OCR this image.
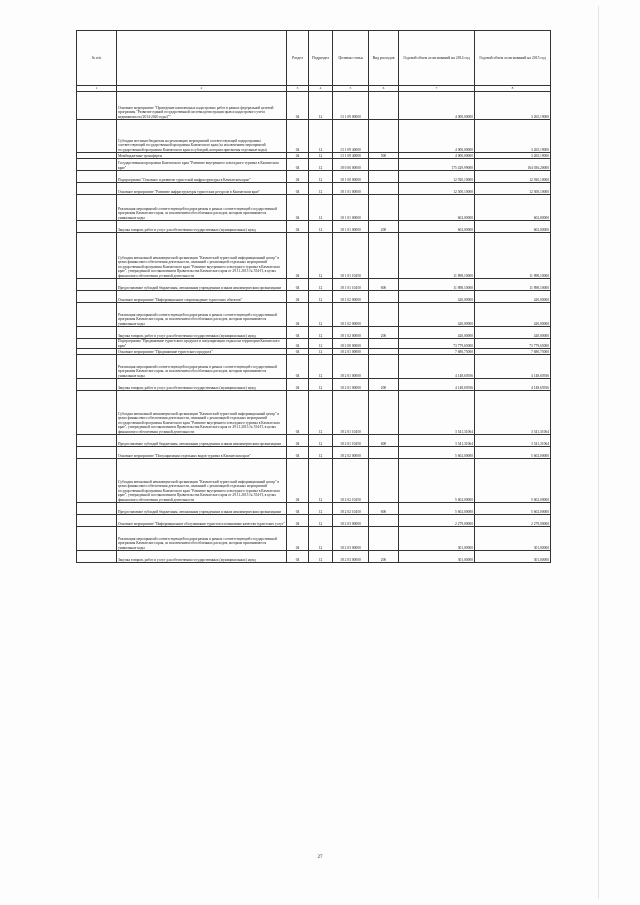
№ п/п		Раздел	Подраздел	Целевая статья	Вид расходов	Годовой объем ассигнований на 2014 год	Годовой объем ассигнований на 2015 год
1	2	3	4	5	6	7	8
	Основное мероприятие "Проведение комплексных кадастровых работ в рамках федеральной целевой программы "Развитие единой государственной системы регистрации прав и кадастрового учета недвижимости (2014-2020 годы)""	04	12	13 1 09 00000		4 000,00000	3 265,19000
	Субсидии местным бюджетам на реализацию мероприятий соответствующей подпрограммы соответствующей государственной программы Камчатского края (за исключением мероприятий государственной программы Камчатского края и субсидий, которым присвоены отдельные коды)	04	12	13 1 09 40000		4 000,00000	3 265,19000
	Межбюджетные трансферты	04	12	13 1 09 40000	500	4 000,00000	3 265,19000
	Государственная программа Камчатского края "Развитие внутреннего и въездного туризма в Камчатском крае"	04	12	18 0 00 00000		175 429,99000	164 036,20000
	Подпрограмма "Основное и развитие туристской инфраструктуры в Камчатском крае"	04	12	18 1 00 00000		12 920,10000	12 920,10000
	Основное мероприятие "Развитие инфраструктуры туристских ресурсов в Камчатском крае"	04	12	18 1 01 00000		12 500,10000	12 500,10000
	Реализация мероприятий соответствующей подпрограммы в рамках соответствующей государственной программы Камчатского края, за исключением обособленных расходов, которым присваиваются уникальные коды	04	12	18 1 01 00000		602,00000	602,00000
	Закупка товаров, работ и услуг для обеспечения государственных (муниципальных) нужд	04	12	18 1 01 00000	200	602,00000	602,00000
	Субсидия автономной некоммерческой организации "Камчатский туристский информационный центр" в целях финансового обеспечения деятельности, связанной с реализацией отдельных мероприятий государственной программы Камчатского края "Развитие внутреннего и въездного туризма в Камчатском крае", утвержденной постановлением Правительства Камчатского края от 29.11.2013 № 554-П, в целях финансового обеспечения уставной деятельности	04	12	18 1 01 10450		11 898,10000	11 898,10000
	Предоставление субсидий бюджетным, автономным учреждениям и иным некоммерческим организациям	04	12	18 1 01 10450	600	11 898,10000	11 898,10000
	Основное мероприятие "Информационное сопровождение туристских объектов"	04	12	18 1 02 00000		420,00000	420,00000
	Реализация мероприятий соответствующей подпрограммы в рамках соответствующей государственной программы Камчатского края, за исключением обособленных расходов, которым присваиваются уникальные коды	04	12	18 1 02 00000		420,00000	420,00000
	Закупка товаров, работ и услуг для обеспечения государственных (муниципальных) нужд	04	12	18 1 02 00000	200	420,00000	420,00000
	Подпрограмма "Продвижение туристского продукта и популяризация отдыха на территории Камчатского края"	04	12	18 2 00 00000		73 779,65000	73 779,65000
	Основное мероприятие "Продвижение туристского продукта"	04	12	18 2 01 00000		7 680,75000	7 680,75000
	Реализация мероприятий соответствующей подпрограммы в рамках соответствующей государственной программы Камчатского края, за исключением обособленных расходов, которым присваиваются уникальные коды	04	12	18 2 01 00000		4 148,65936	4 148,65936
	Закупка товаров, работ и услуг для обеспечения государственных (муниципальных) нужд	04	12	18 2 01 00000	200	4 148,65936	4 148,65936
	Субсидия автономной некоммерческой организации "Камчатский туристский информационный центр" в целях финансового обеспечения деятельности, связанной с реализацией отдельных мероприятий государственной программы Камчатского края "Развитие внутреннего и въездного туризма в Камчатском крае", утвержденной постановлением Правительства Камчатского края от 29.11.2013 № 554-П, в целях финансового обеспечения уставной деятельности	04	12	18 2 01 10450		3 541,31064	3 541,31064
	Предоставление субсидий бюджетным, автономным учреждениям и иным некоммерческим организациям	04	12	18 2 01 10450	600	3 541,31064	3 541,31064
	Основное мероприятие "Популяризация отдельных видов туризма в Камчатском крае"	04	12	18 2 02 00000		5 602,00000	5 602,00000
	Субсидия автономной некоммерческой организации "Камчатский туристский информационный центр" в целях финансового обеспечения деятельности, связанной с реализацией отдельных мероприятий государственной программы Камчатского края "Развитие внутреннего и въездного туризма в Камчатском крае", утвержденной постановлением Правительства Камчатского края от 29.11.2013 № 554-П, в целях финансового обеспечения уставной деятельности	04	12	18 2 02 10450		5 602,00000	5 602,00000
	Предоставление субсидий бюджетным, автономным учреждениям и иным некоммерческим организациям	04	12	18 2 02 10450	600	5 602,00000	5 602,00000
	Основное мероприятие "Информационное обслуживание туристов и повышение качества туристских услуг"	04	12	18 2 03 00000		2 279,00000	2 279,00000
	Реализация мероприятий соответствующей подпрограммы в рамках соответствующей государственной программы Камчатского края, за исключением обособленных расходов, которым присваиваются уникальные коды	04	12	18 2 03 00000		301,00000	301,00000
	Закупка товаров, работ и услуг для обеспечения государственных (муниципальных) нужд	04	12	18 2 03 00000	200	301,00000	301,00000
27
